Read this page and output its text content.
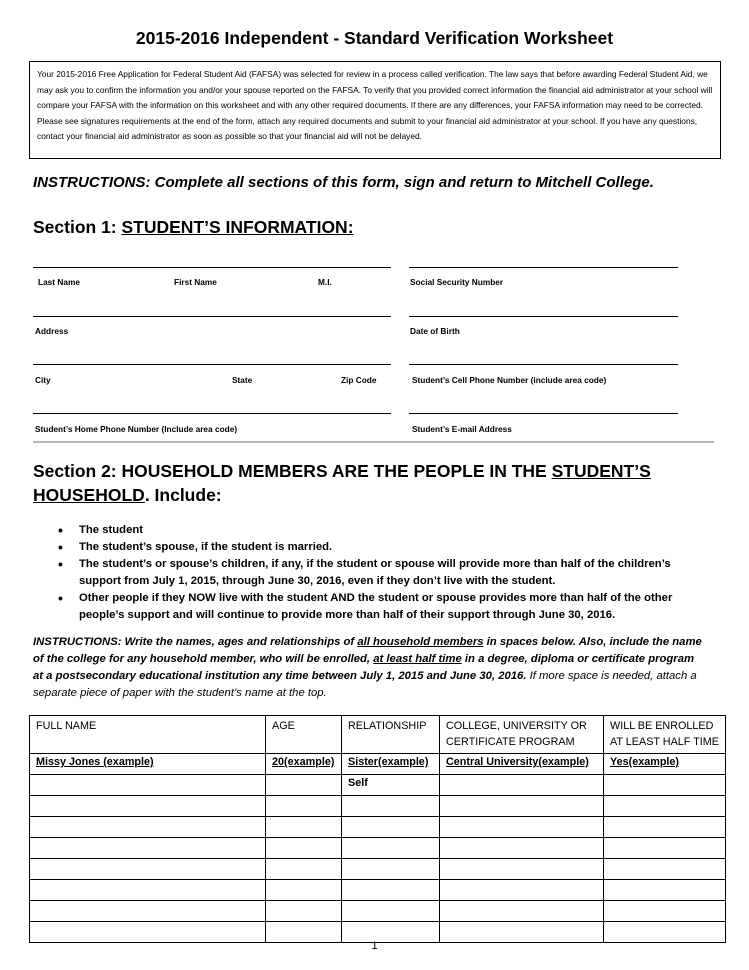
2015-2016 Independent - Standard Verification Worksheet
Your 2015-2016 Free Application for Federal Student Aid (FAFSA) was selected for review in a process called verification. The law says that before awarding Federal Student Aid, we may ask you to confirm the information you and/or your spouse reported on the FAFSA. To verify that you provided correct information the financial aid administrator at your school will compare your FAFSA with the information on this worksheet and with any other required documents. If there are any differences, your FAFSA information may need to be corrected. Please see signatures requirements at the end of the form, attach any required documents and submit to your financial aid administrator at your school. If you have any questions, contact your financial aid administrator as soon as possible so that your financial aid will not be delayed.
INSTRUCTIONS: Complete all sections of this form, sign and return to Mitchell College.
Section 1: STUDENT’S INFORMATION:
Last Name	First Name	M.I.	Social Security Number
Address	Date of Birth
City	State	Zip Code	Student’s Cell Phone Number (include area code)
Student’s Home Phone Number (Include area code)	Student’s E-mail Address
Section 2: HOUSEHOLD MEMBERS ARE THE PEOPLE IN THE STUDENT’S HOUSEHOLD. Include:
• The student
• The student’s spouse, if the student is married.
• The student’s or spouse’s children, if any, if the student or spouse will provide more than half of the children’s support from July 1, 2015, through June 30, 2016, even if they don’t live with the student.
• Other people if they NOW live with the student AND the student or spouse provides more than half of the other people’s support and will continue to provide more than half of their support through June 30, 2016.
INSTRUCTIONS: Write the names, ages and relationships of all household members in spaces below. Also, include the name of the college for any household member, who will be enrolled, at least half time in a degree, diploma or certificate program at a postsecondary educational institution any time between July 1, 2015 and June 30, 2016. If more space is needed, attach a separate piece of paper with the student’s name at the top.
FULL NAME	AGE	RELATIONSHIP	COLLEGE, UNIVERSITY OR CERTIFICATE PROGRAM	WILL BE ENROLLED AT LEAST HALF TIME
Missy Jones (example)	20(example)	Sister(example)	Central University(example)	Yes(example)
		Self		

1
